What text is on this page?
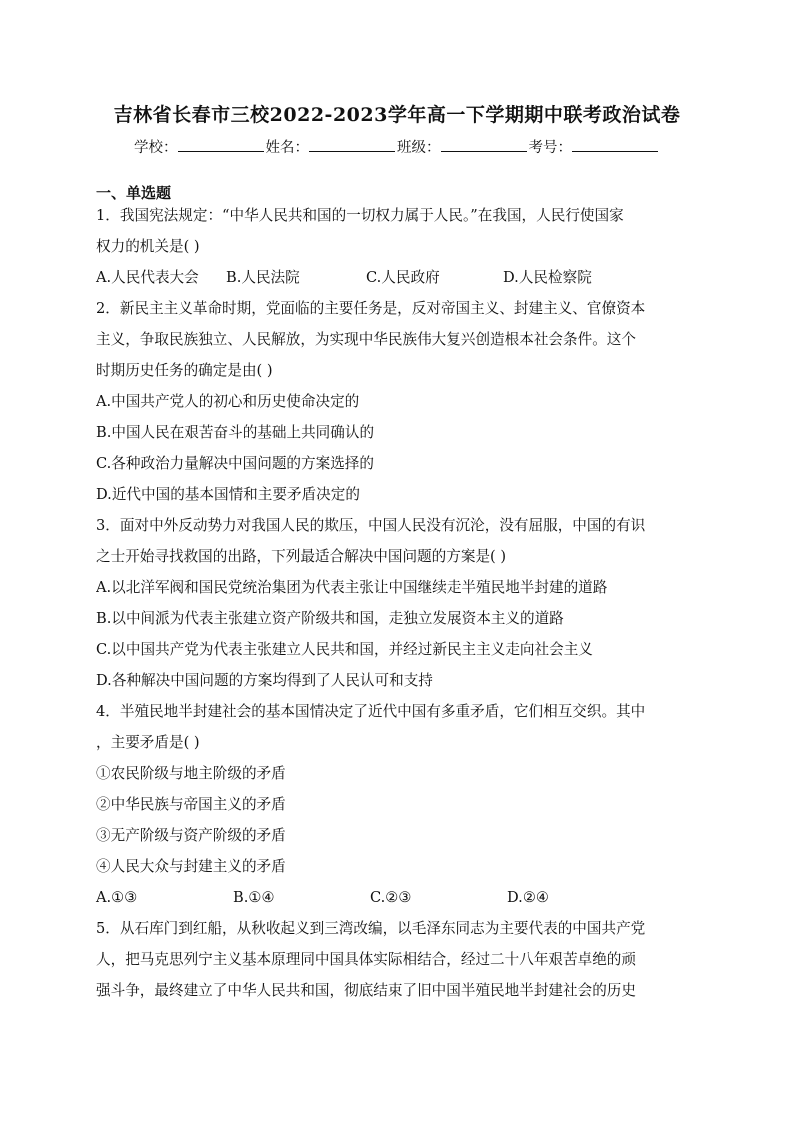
吉林省长春市三校2022-2023学年高一下学期期中联考政治试卷
学校：	姓名：	班级：	考号：
一、单选题
1．我国宪法规定：“中华人民共和国的一切权力属于人民。”在我国，人民行使国家
权力的机关是( )
A.人民代表大会	B.人民法院	C.人民政府	D.人民检察院
2．新民主主义革命时期，党面临的主要任务是，反对帝国主义、封建主义、官僚资本
主义，争取民族独立、人民解放，为实现中华民族伟大复兴创造根本社会条件。这个
时期历史任务的确定是由( )
A.中国共产党人的初心和历史使命决定的
B.中国人民在艰苦奋斗的基础上共同确认的
C.各种政治力量解决中国问题的方案选择的
D.近代中国的基本国情和主要矛盾决定的
3．面对中外反动势力对我国人民的欺压，中国人民没有沉沦，没有屈服，中国的有识
之士开始寻找救国的出路，下列最适合解决中国问题的方案是( )
A.以北洋军阀和国民党统治集团为代表主张让中国继续走半殖民地半封建的道路
B.以中间派为代表主张建立资产阶级共和国，走独立发展资本主义的道路
C.以中国共产党为代表主张建立人民共和国，并经过新民主主义走向社会主义
D.各种解决中国问题的方案均得到了人民认可和支持
4．半殖民地半封建社会的基本国情决定了近代中国有多重矛盾，它们相互交织。其中
，主要矛盾是( )
①农民阶级与地主阶级的矛盾
②中华民族与帝国主义的矛盾
③无产阶级与资产阶级的矛盾
④人民大众与封建主义的矛盾
A.①③	B.①④	C.②③	D.②④
5．从石库门到红船，从秋收起义到三湾改编，以毛泽东同志为主要代表的中国共产党
人，把马克思列宁主义基本原理同中国具体实际相结合，经过二十八年艰苦卓绝的顽
强斗争，最终建立了中华人民共和国，彻底结束了旧中国半殖民地半封建社会的历史
